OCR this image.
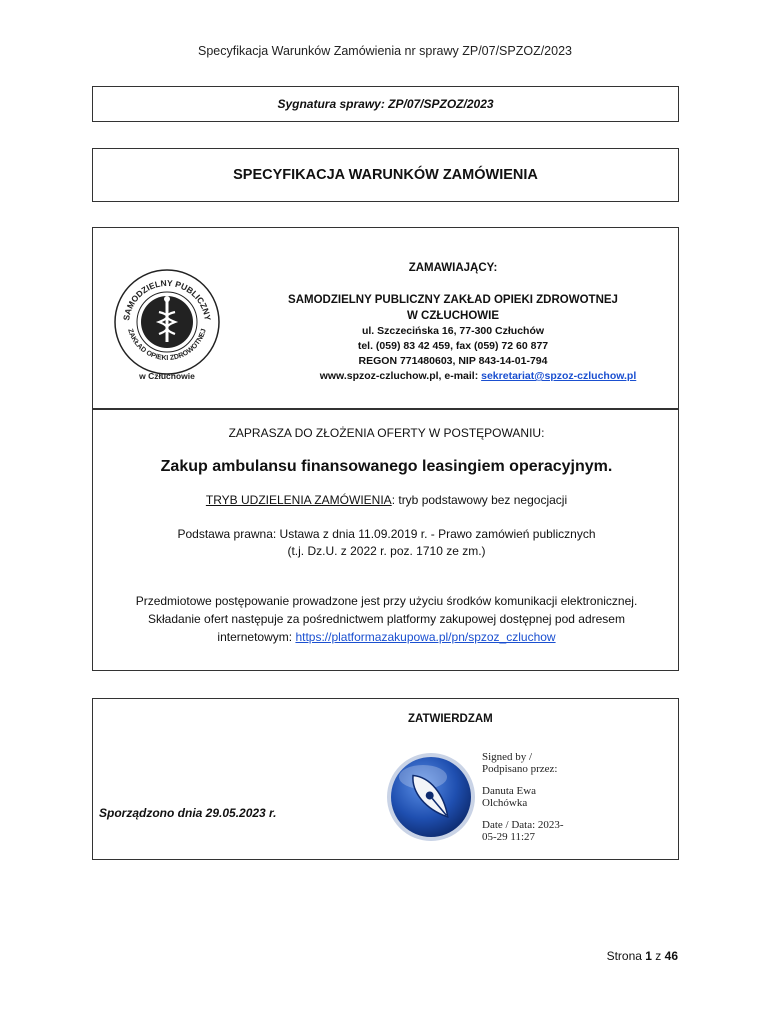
Specyfikacja Warunków Zamówienia nr sprawy ZP/07/SPZOZ/2023
Sygnatura sprawy: ZP/07/SPZOZ/2023
SPECYFIKACJA WARUNKÓW ZAMÓWIENIA
SAMODZIELNY PUBLICZNY
ZAKŁAD OPIEKI ZDROWOTNEJ
w Człuchowie
ZAMAWIAJĄCY:
SAMODZIELNY PUBLICZNY ZAKŁAD OPIEKI ZDROWOTNEJ
W CZŁUCHOWIE
ul. Szczecińska 16, 77-300 Człuchów
tel. (059) 83 42 459, fax (059) 72 60 877
REGON 771480603, NIP 843-14-01-794
www.spzoz-czluchow.pl, e-mail: sekretariat@spzoz-czluchow.pl
ZAPRASZA DO ZŁOŻENIA OFERTY W POSTĘPOWANIU:
Zakup ambulansu finansowanego leasingiem operacyjnym.
TRYB UDZIELENIA ZAMÓWIENIA: tryb podstawowy bez negocjacji
Podstawa prawna: Ustawa z dnia 11.09.2019 r. - Prawo zamówień publicznych
(t.j. Dz.U. z 2022 r. poz. 1710 ze zm.)
Przedmiotowe postępowanie prowadzone jest przy użyciu środków komunikacji elektronicznej.
Składanie ofert następuje za pośrednictwem platformy zakupowej dostępnej pod adresem
internetowym: https://platformazakupowa.pl/pn/spzoz_czluchow
ZATWIERDZAM
Sporządzono dnia 29.05.2023 r.

Signed by /
Podpisano przez:

Danuta Ewa
Olchówka

Date / Data: 2023-
05-29 11:27

Strona 1 z 46
